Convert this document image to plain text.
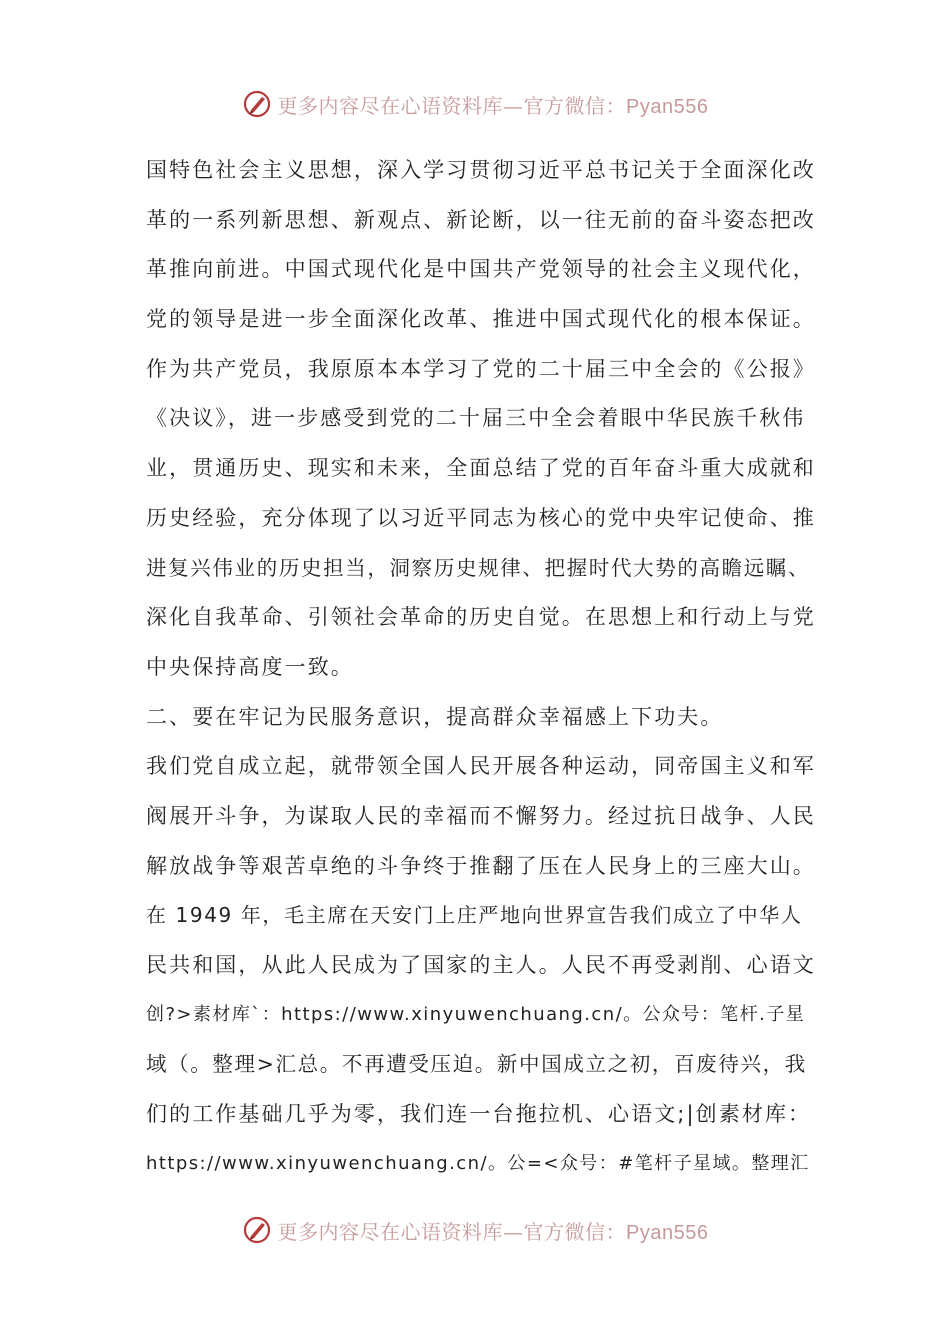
更多内容尽在心语资料库—官方微信：Pyan556
国特色社会主义思想，深入学习贯彻习近平总书记关于全面深化改
革的一系列新思想、新观点、新论断，以一往无前的奋斗姿态把改
革推向前进。中国式现代化是中国共产党领导的社会主义现代化，
党的领导是进一步全面深化改革、推进中国式现代化的根本保证。
作为共产党员，我原原本本学习了党的二十届三中全会的《公报》
《决议》，进一步感受到党的二十届三中全会着眼中华民族千秋伟
业，贯通历史、现实和未来，全面总结了党的百年奋斗重大成就和
历史经验，充分体现了以习近平同志为核心的党中央牢记使命、推
进复兴伟业的历史担当，洞察历史规律、把握时代大势的高瞻远瞩、
深化自我革命、引领社会革命的历史自觉。在思想上和行动上与党
中央保持高度一致。
二、要在牢记为民服务意识，提高群众幸福感上下功夫。
我们党自成立起，就带领全国人民开展各种运动，同帝国主义和军
阀展开斗争，为谋取人民的幸福而不懈努力。经过抗日战争、人民
解放战争等艰苦卓绝的斗争终于推翻了压在人民身上的三座大山。
在 1949 年，毛主席在天安门上庄严地向世界宣告我们成立了中华人
民共和国，从此人民成为了国家的主人。人民不再受剥削、心语文
创?>素材库`：https://www.xinyuwenchuang.cn/。公众号：笔杆.子星
域（。整理>汇总。不再遭受压迫。新中国成立之初，百废待兴，我
们的工作基础几乎为零，我们连一台拖拉机、心语文;|创素材库：
https://www.xinyuwenchuang.cn/。公=<众号：#笔杆子星域。整理汇
更多内容尽在心语资料库—官方微信：Pyan556
